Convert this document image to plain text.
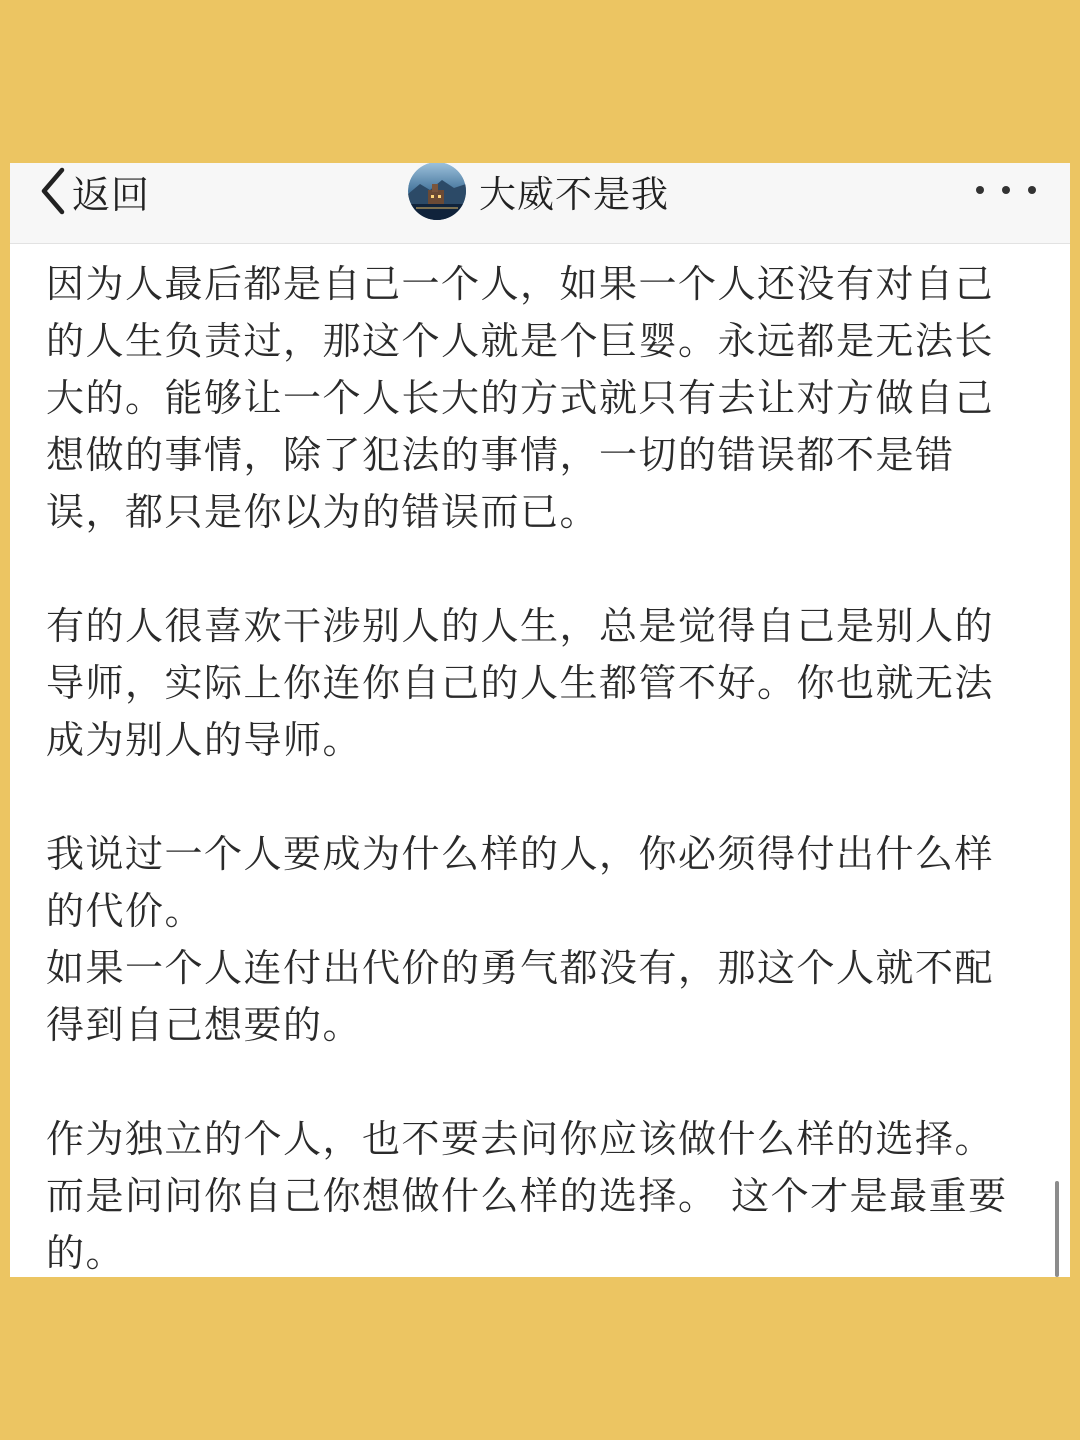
返回	大威不是我

因为人最后都是自己一个人，如果一个人还没有对自己的人生负责过，那这个人就是个巨婴。永远都是无法长大的。能够让一个人长大的方式就只有去让对方做自己想做的事情，除了犯法的事情，一切的错误都不是错误，都只是你以为的错误而已。

有的人很喜欢干涉别人的人生，总是觉得自己是别人的导师，实际上你连你自己的人生都管不好。你也就无法成为别人的导师。

我说过一个人要成为什么样的人，你必须得付出什么样的代价。

如果一个人连付出代价的勇气都没有，那这个人就不配得到自己想要的。

作为独立的个人，也不要去问你应该做什么样的选择。

而是问问你自己你想做什么样的选择。 这个才是最重要的。
